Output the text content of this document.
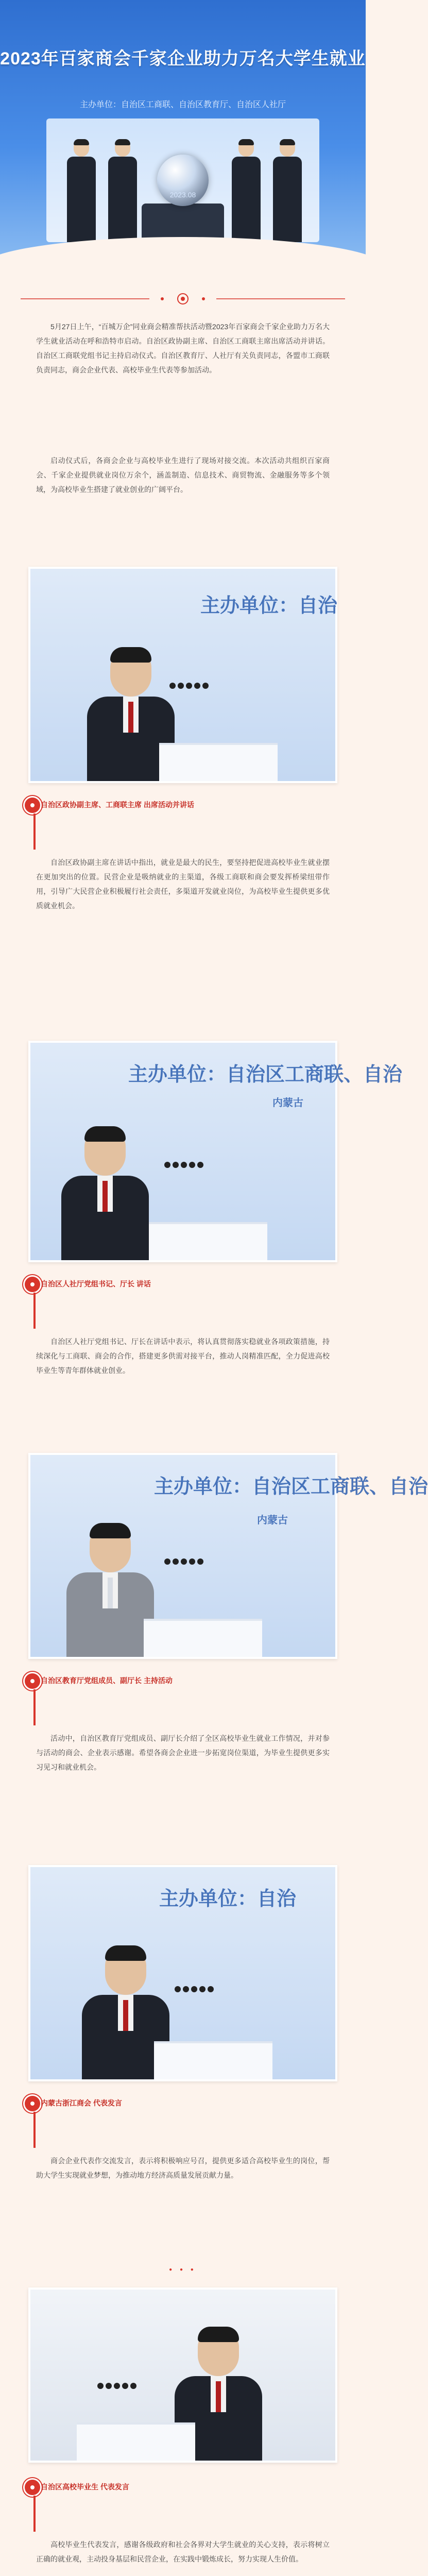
2023年百家商会千家企业助力万名大学生就业
主办单位：自治区工商联、自治区教育厅、自治区人社厅
2023.08
5月27日上午，“百城万企”同业商会精准帮扶活动暨2023年百家商会千家企业助力万名大学生就业活动在呼和浩特市启动。自治区政协副主席、自治区工商联主席出席活动并讲话。自治区工商联党组书记主持启动仪式。自治区教育厅、人社厅有关负责同志，各盟市工商联负责同志，商会企业代表、高校毕业生代表等参加活动。
启动仪式后，各商会企业与高校毕业生进行了现场对接交流。本次活动共组织百家商会、千家企业提供就业岗位万余个，涵盖制造、信息技术、商贸物流、金融服务等多个领域，为高校毕业生搭建了就业创业的广阔平台。
主办单位：自治
自治区政协副主席、工商联主席 出席活动并讲话
自治区政协副主席在讲话中指出，就业是最大的民生，要坚持把促进高校毕业生就业摆在更加突出的位置。民营企业是吸纳就业的主渠道，各级工商联和商会要发挥桥梁纽带作用，引导广大民营企业积极履行社会责任，多渠道开发就业岗位，为高校毕业生提供更多优质就业机会。
主办单位：自治区工商联、自治
内蒙古
自治区人社厅党组书记、厅长 讲话
自治区人社厅党组书记、厅长在讲话中表示，将认真贯彻落实稳就业各项政策措施，持续深化与工商联、商会的合作，搭建更多供需对接平台，推动人岗精准匹配，全力促进高校毕业生等青年群体就业创业。
主办单位：自治区工商联、自治
内蒙古
自治区教育厅党组成员、副厅长 主持活动
活动中，自治区教育厅党组成员、副厅长介绍了全区高校毕业生就业工作情况，并对参与活动的商会、企业表示感谢。希望各商会企业进一步拓宽岗位渠道，为毕业生提供更多实习见习和就业机会。
主办单位：自治
内蒙古浙江商会 代表发言
商会企业代表作交流发言，表示将积极响应号召，提供更多适合高校毕业生的岗位，帮助大学生实现就业梦想，为推动地方经济高质量发展贡献力量。
● ● ●
自治区高校毕业生 代表发言
高校毕业生代表发言，感谢各级政府和社会各界对大学生就业的关心支持，表示将树立正确的就业观，主动投身基层和民营企业，在实践中锻炼成长，努力实现人生价值。
